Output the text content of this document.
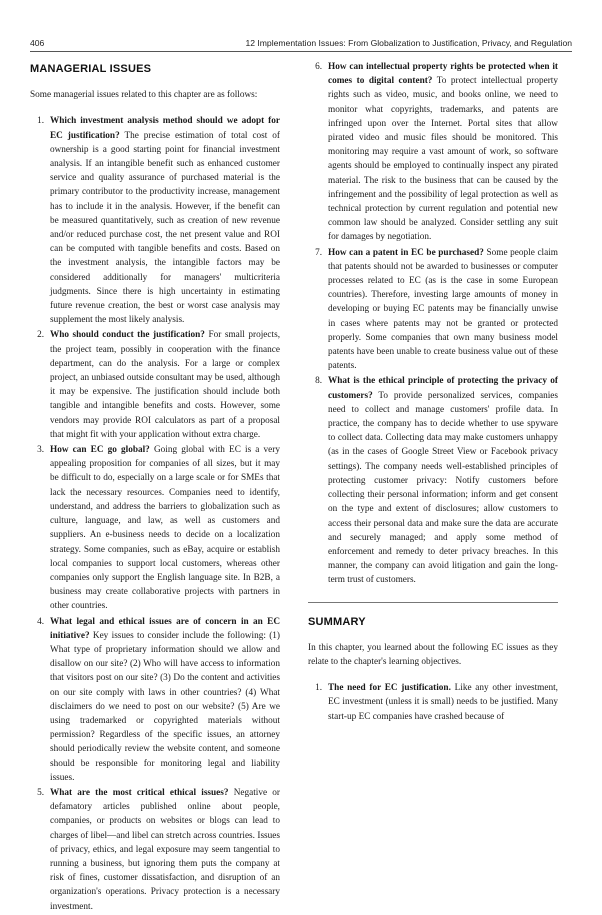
406	12 Implementation Issues: From Globalization to Justification, Privacy, and Regulation
MANAGERIAL ISSUES

Some managerial issues related to this chapter are as follows:

1. Which investment analysis method should we adopt for EC justification? The precise estimation of total cost of ownership is a good starting point for financial investment analysis. If an intangible benefit such as enhanced customer service and quality assurance of purchased material is the primary contributor to the productivity increase, management has to include it in the analysis. However, if the benefit can be measured quantitatively, such as creation of new revenue and/or reduced purchase cost, the net present value and ROI can be computed with tangible benefits and costs. Based on the investment analysis, the intangible factors may be considered additionally for managers' multicriteria judgments. Since there is high uncertainty in estimating future revenue creation, the best or worst case analysis may supplement the most likely analysis.
2. Who should conduct the justification? For small projects, the project team, possibly in cooperation with the finance department, can do the analysis. For a large or complex project, an unbiased outside consultant may be used, although it may be expensive. The justification should include both tangible and intangible benefits and costs. However, some vendors may provide ROI calculators as part of a proposal that might fit with your application without extra charge.
3. How can EC go global? Going global with EC is a very appealing proposition for companies of all sizes, but it may be difficult to do, especially on a large scale or for SMEs that lack the necessary resources. Companies need to identify, understand, and address the barriers to globalization such as culture, language, and law, as well as customers and suppliers. An e-business needs to decide on a localization strategy. Some companies, such as eBay, acquire or establish local companies to support local customers, whereas other companies only support the English language site. In B2B, a business may create collaborative projects with partners in other countries.
4. What legal and ethical issues are of concern in an EC initiative? Key issues to consider include the following: (1) What type of proprietary information should we allow and disallow on our site? (2) Who will have access to information that visitors post on our site? (3) Do the content and activities on our site comply with laws in other countries? (4) What disclaimers do we need to post on our website? (5) Are we using trademarked or copyrighted materials without permission? Regardless of the specific issues, an attorney should periodically review the website content, and someone should be responsible for monitoring legal and liability issues.
5. What are the most critical ethical issues? Negative or defamatory articles published online about people, companies, or products on websites or blogs can lead to charges of libel—and libel can stretch across countries. Issues of privacy, ethics, and legal exposure may seem tangential to running a business, but ignoring them puts the company at risk of fines, customer dissatisfaction, and disruption of an organization's operations. Privacy protection is a necessary investment.
6. How can intellectual property rights be protected when it comes to digital content? To protect intellectual property rights such as video, music, and books online, we need to monitor what copyrights, trademarks, and patents are infringed upon over the Internet. Portal sites that allow pirated video and music files should be monitored. This monitoring may require a vast amount of work, so software agents should be employed to continually inspect any pirated material. The risk to the business that can be caused by the infringement and the possibility of legal protection as well as technical protection by current regulation and potential new common law should be analyzed. Consider settling any suit for damages by negotiation.
7. How can a patent in EC be purchased? Some people claim that patents should not be awarded to businesses or computer processes related to EC (as is the case in some European countries). Therefore, investing large amounts of money in developing or buying EC patents may be financially unwise in cases where patents may not be granted or protected properly. Some companies that own many business model patents have been unable to create business value out of these patents.
8. What is the ethical principle of protecting the privacy of customers? To provide personalized services, companies need to collect and manage customers' profile data. In practice, the company has to decide whether to use spyware to collect data. Collecting data may make customers unhappy (as in the cases of Google Street View or Facebook privacy settings). The company needs well-established principles of protecting customer privacy: Notify customers before collecting their personal information; inform and get consent on the type and extent of disclosures; allow customers to access their personal data and make sure the data are accurate and securely managed; and apply some method of enforcement and remedy to deter privacy breaches. In this manner, the company can avoid litigation and gain the long-term trust of customers.
SUMMARY

In this chapter, you learned about the following EC issues as they relate to the chapter's learning objectives.

1. The need for EC justification. Like any other investment, EC investment (unless it is small) needs to be justified. Many start-up EC companies have crashed because of
